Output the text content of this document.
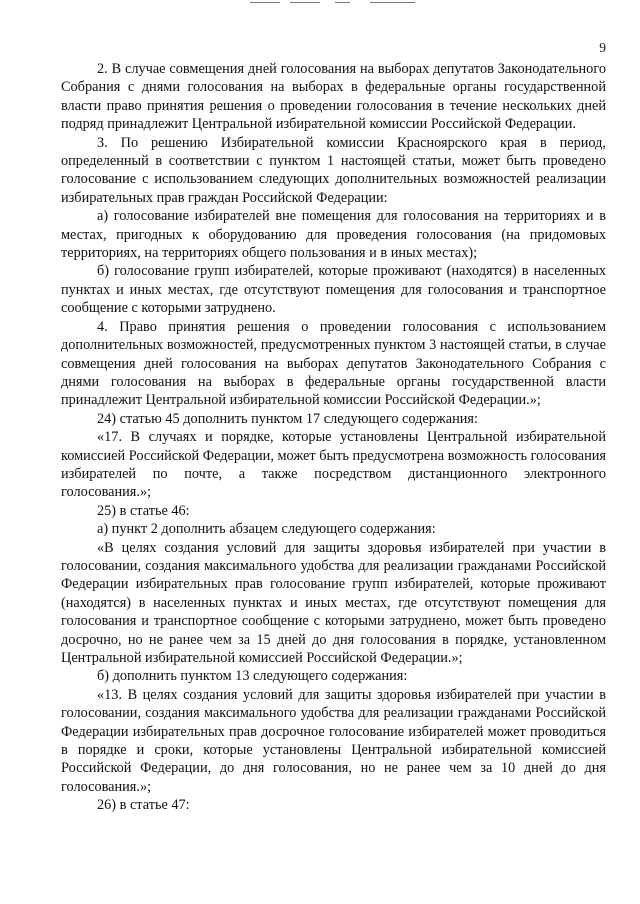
9

2. В случае совмещения дней голосования на выборах депутатов Законодательного Собрания с днями голосования на выборах в федеральные органы государственной власти право принятия решения о проведении голосования в течение нескольких дней подряд принадлежит Центральной избирательной комиссии Российской Федерации.

3. По решению Избирательной комиссии Красноярского края в период, определенный в соответствии с пунктом 1 настоящей статьи, может быть проведено голосование с использованием следующих дополнительных возможностей реализации избирательных прав граждан Российской Федерации:

а) голосование избирателей вне помещения для голосования на территориях и в местах, пригодных к оборудованию для проведения голосования (на придомовых территориях, на территориях общего пользования и в иных местах);

б) голосование групп избирателей, которые проживают (находятся) в населенных пунктах и иных местах, где отсутствуют помещения для голосования и транспортное сообщение с которыми затруднено.

4. Право принятия решения о проведении голосования с использованием дополнительных возможностей, предусмотренных пунктом 3 настоящей статьи, в случае совмещения дней голосования на выборах депутатов Законодательного Собрания с днями голосования на выборах в федеральные органы государственной власти принадлежит Центральной избирательной комиссии Российской Федерации.»;

24) статью 45 дополнить пунктом 17 следующего содержания:

«17. В случаях и порядке, которые установлены Центральной избирательной комиссией Российской Федерации, может быть предусмотрена возможность голосования избирателей по почте, а также посредством дистанционного электронного голосования.»;

25) в статье 46:

а) пункт 2 дополнить абзацем следующего содержания:

«В целях создания условий для защиты здоровья избирателей при участии в голосовании, создания максимального удобства для реализации гражданами Российской Федерации избирательных прав голосование групп избирателей, которые проживают (находятся) в населенных пунктах и иных местах, где отсутствуют помещения для голосования и транспортное сообщение с которыми затруднено, может быть проведено досрочно, но не ранее чем за 15 дней до дня голосования в порядке, установленном Центральной избирательной комиссией Российской Федерации.»;

б) дополнить пунктом 13 следующего содержания:

«13. В целях создания условий для защиты здоровья избирателей при участии в голосовании, создания максимального удобства для реализации гражданами Российской Федерации избирательных прав досрочное голосование избирателей может проводиться в порядке и сроки, которые установлены Центральной избирательной комиссией Российской Федерации, до дня голосования, но не ранее чем за 10 дней до дня голосования.»;

26) в статье 47:
